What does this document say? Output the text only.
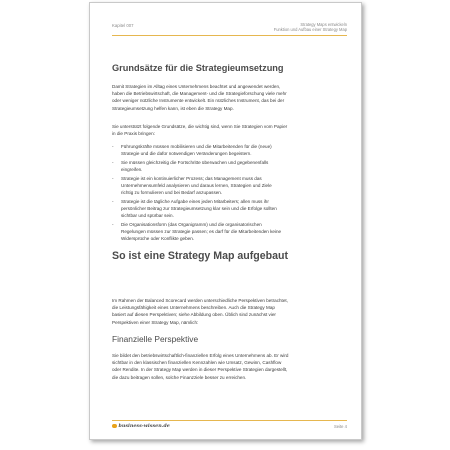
Kapitel 007	Strategy Maps entwickeln
Funktion und Aufbau einer Strategy Map
Grundsätze für die Strategieumsetzung
Damit Strategien im Alltag eines Unternehmens beachtet und angewendet werden,
haben die Betriebswirtschaft, die Management- und die Strategieforschung viele mehr
oder weniger nützliche Instrumente entwickelt. Ein nützliches Instrument, das bei der
Strategieumsetzung helfen kann, ist eben die Strategy Map.
Sie unterstützt folgende Grundsätze, die wichtig sind, wenn Sie Strategien vom Papier
in die Praxis bringen:
- Führungskräfte müssen mobilisieren und die Mitarbeitenden für die (neue)
Strategie und die dafür notwendigen Veränderungen begeistern.
- Sie müssen gleichzeitig die Fortschritte überwachen und gegebenenfalls
eingreifen.
- Strategie ist ein kontinuierlicher Prozess; das Management muss das
Unternehmensumfeld analysieren und daraus lernen, Strategien und Ziele
richtig zu formulieren und bei Bedarf anzupassen.
- Strategie ist die tägliche Aufgabe eines jeden Mitarbeiters; allen muss ihr
persönlicher Beitrag zur Strategieumsetzung klar sein und die Erfolge sollten
sichtbar und spürbar sein.
- Die Organisationsform (das Organigramm) und die organisatorischen
Regelungen müssen zur Strategie passen; es darf für die Mitarbeitenden keine
Widersprüche oder Konflikte geben.
So ist eine Strategy Map aufgebaut
Im Rahmen der Balanced Scorecard werden unterschiedliche Perspektiven betrachtet,
die Leistungsfähigkeit eines Unternehmens beschreiben. Auch die Strategy Map
basiert auf diesen Perspektiven; siehe Abbildung oben. Üblich sind zunächst vier
Perspektiven einer Strategy Map, nämlich:
Finanzielle Perspektive
Sie bildet den betriebswirtschaftlich-finanziellen Erfolg eines Unternehmens ab. Er wird
sichtbar in den klassischen finanziellen Kennzahlen wie Umsatz, Gewinn, Cashflow
oder Rendite. In der Strategy Map werden in dieser Perspektive Strategien dargestellt,
die dazu beitragen sollen, solche Finanzziele besser zu erreichen.
business-wissen.de	Seite 4
